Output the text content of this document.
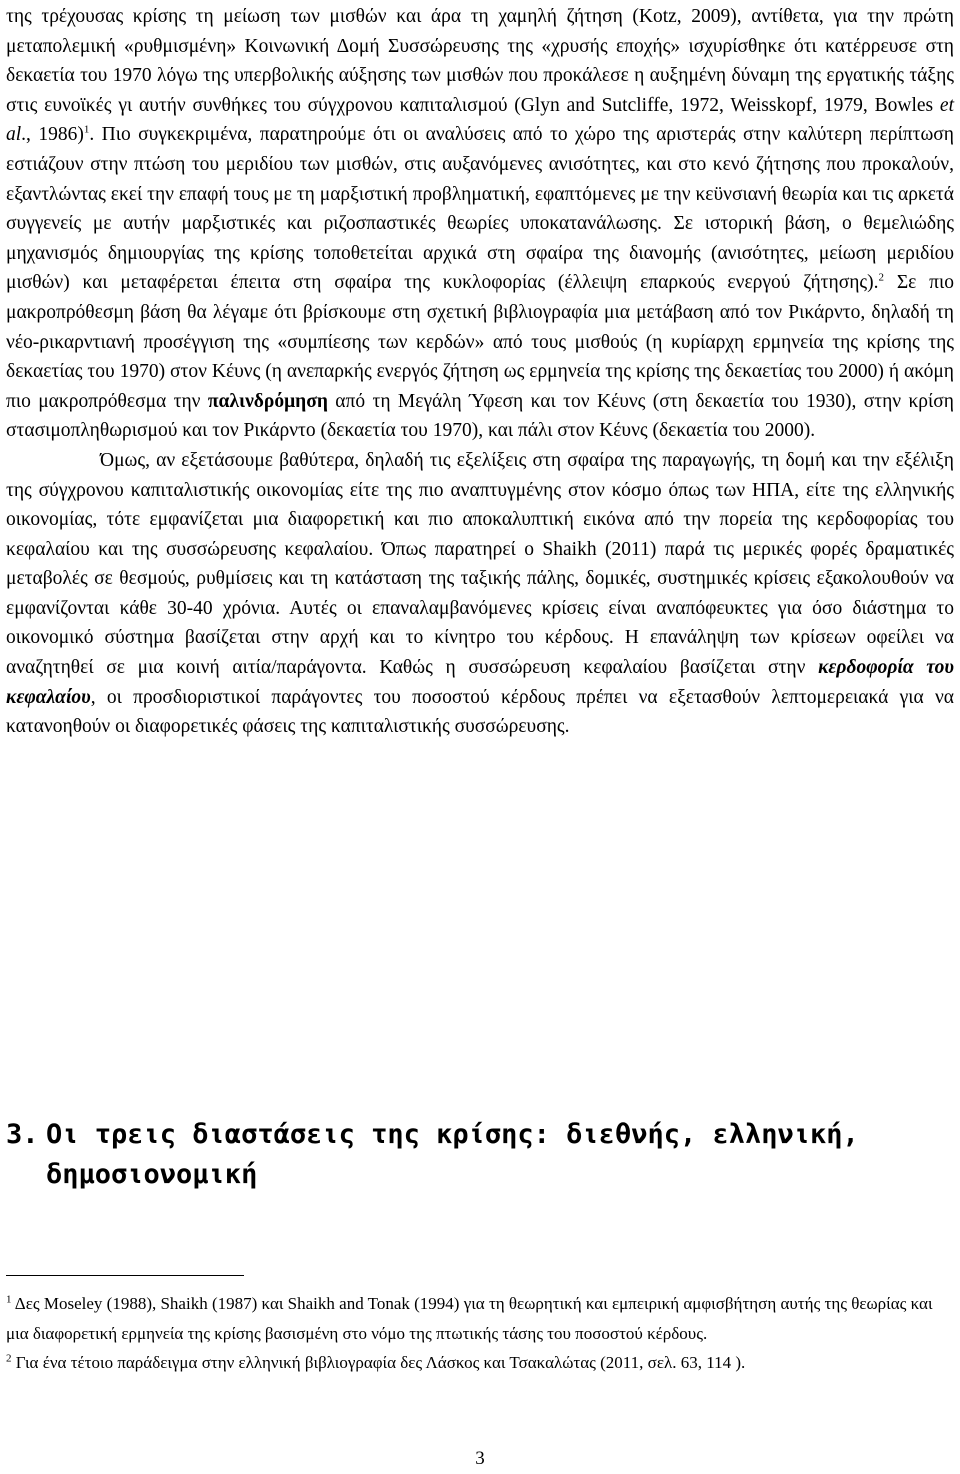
της τρέχουσας κρίσης τη μείωση των μισθών και άρα τη χαμηλή ζήτηση (Kotz, 2009), αντίθετα, για την πρώτη μεταπολεμική «ρυθμισμένη» Κοινωνική Δομή Συσσώρευσης της «χρυσής εποχής» ισχυρίσθηκε ότι κατέρρευσε στη δεκαετία του 1970 λόγω της υπερβολικής αύξησης των μισθών που προκάλεσε η αυξημένη δύναμη της εργατικής τάξης στις ευνοϊκές γι αυτήν συνθήκες του σύγχρονου καπιταλισμού (Glyn and Sutcliffe, 1972, Weisskopf, 1979, Bowles et al., 1986)$^1$. Πιο συγκεκριμένα, παρατηρούμε ότι οι αναλύσεις από το χώρο της αριστεράς στην καλύτερη περίπτωση εστιάζουν στην πτώση του μεριδίου των μισθών, στις αυξανόμενες ανισότητες, και στο κενό ζήτησης που προκαλούν, εξαντλώντας εκεί την επαφή τους με τη μαρξιστική προβληματική, εφαπτόμενες με την κεϋνσιανή θεωρία και τις αρκετά συγγενείς με αυτήν μαρξιστικές και ριζοσπαστικές θεωρίες υποκατανάλωσης. Σε ιστορική βάση, ο θεμελιώδης μηχανισμός δημιουργίας της κρίσης τοποθετείται αρχικά στη σφαίρα της διανομής (ανισότητες, μείωση μεριδίου μισθών) και μεταφέρεται έπειτα στη σφαίρα της κυκλοφορίας (έλλειψη επαρκούς ενεργού ζήτησης).$^2$ Σε πιο μακροπρόθεσμη βάση θα λέγαμε ότι βρίσκουμε στη σχετική βιβλιογραφία μια μετάβαση από τον Ρικάρντο, δηλαδή τη νέο-ρικαρντιανή προσέγγιση της «συμπίεσης των κερδών» από τους μισθούς (η κυρίαρχη ερμηνεία της κρίσης της δεκαετίας του 1970) στον Κέυνς (η ανεπαρκής ενεργός ζήτηση ως ερμηνεία της κρίσης της δεκαετίας του 2000) ή ακόμη πιο μακροπρόθεσμα την παλινδρόμηση από τη Μεγάλη Ύφεση και τον Κέυνς (στη δεκαετία του 1930), στην κρίση στασιμοπληθωρισμού και τον Ρικάρντο (δεκαετία του 1970), και πάλι στον Κέυνς (δεκαετία του 2000).

Όμως, αν εξετάσουμε βαθύτερα, δηλαδή τις εξελίξεις στη σφαίρα της παραγωγής, τη δομή και την εξέλιξη της σύγχρονου καπιταλιστικής οικονομίας είτε της πιο αναπτυγμένης στον κόσμο όπως των ΗΠΑ, είτε της ελληνικής οικονομίας, τότε εμφανίζεται μια διαφορετική και πιο αποκαλυπτική εικόνα από την πορεία της κερδοφορίας του κεφαλαίου και της συσσώρευσης κεφαλαίου. Όπως παρατηρεί ο Shaikh (2011) παρά τις μερικές φορές δραματικές μεταβολές σε θεσμούς, ρυθμίσεις και τη κατάσταση της ταξικής πάλης, δομικές, συστημικές κρίσεις εξακολουθούν να εμφανίζονται κάθε 30-40 χρόνια. Αυτές οι επαναλαμβανόμενες κρίσεις είναι αναπόφευκτες για όσο διάστημα το οικονομικό σύστημα βασίζεται στην αρχή και το κίνητρο του κέρδους. Η επανάληψη των κρίσεων οφείλει να αναζητηθεί σε μια κοινή αιτία/παράγοντα. Καθώς η συσσώρευση κεφαλαίου βασίζεται στην κερδοφορία του κεφαλαίου, οι προσδιοριστικοί παράγοντες του ποσοστού κέρδους πρέπει να εξετασθούν λεπτομερειακά για να κατανοηθούν οι διαφορετικές φάσεις της καπιταλιστικής συσσώρευσης.

3. Οι τρεις διαστάσεις της κρίσης: διεθνής, ελληνική,
δημοσιονομική

$^1$ Δες Moseley (1988), Shaikh (1987) και Shaikh and Tonak (1994) για τη θεωρητική και εμπειρική αμφισβήτηση αυτής της θεωρίας και μια διαφορετική ερμηνεία της κρίσης βασισμένη στο νόμο της πτωτικής τάσης του ποσοστού κέρδους.

$^2$ Για ένα τέτοιο παράδειγμα στην ελληνική βιβλιογραφία δες Λάσκος και Τσακαλώτας (2011, σελ. 63, 114 ).

3
